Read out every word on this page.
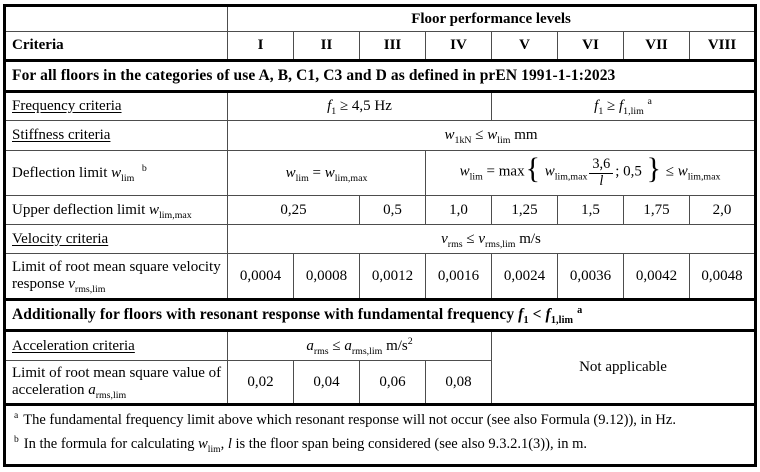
	Floor performance levels							
Criteria	I	II	III	IV	V	VI	VII	VIII
For all floors in the categories of use A, B, C1, C3 and D as defined in prEN 1991-1-1:2023								
Frequency criteria	$f_1 \ge 4,5$ Hz				$f_1 \ge f_{1,lim}$ $^a$
Stiffness criteria	$w_{1kN} \le w_{lim}$ mm							
Deflection limit $w_{lim}$  $^b$	$w_{lim} = w_{lim,max}$			$w_{lim} = \max${ $w_{lim,max} \frac{3,6}{l}$ ; 0,5 } ≤ $w_{lim,max}$
Upper deflection limit $w_{lim,max}$	0,25		0,5	1,0	1,25	1,5	1,75	2,0
Velocity criteria	$v_{rms} \le v_{rms,lim}$ m/s							
Limit of root mean square velocity response $v_{rms,lim}$	0,0004	0,0008	0,0012	0,0016	0,0024	0,0036	0,0042	0,0048
Additionally for floors with resonant response with fundamental frequency $f_1 < f_{1,lim}$ $^a$
Acceleration criteria	$a_{rms} \le a_{rms,lim}$ $m/s^2$				Not applicable			
Limit of root mean square value of acceleration $a_{rms,lim}$	0,02	0,04	0,06	0,08				

$^a$ The fundamental frequency limit above which resonant response will not occur (see also Formula (9.12)), in Hz.
$^b$ In the formula for calculating $w_{lim}$, l is the floor span being considered (see also 9.3.2.1(3)), in m.								
